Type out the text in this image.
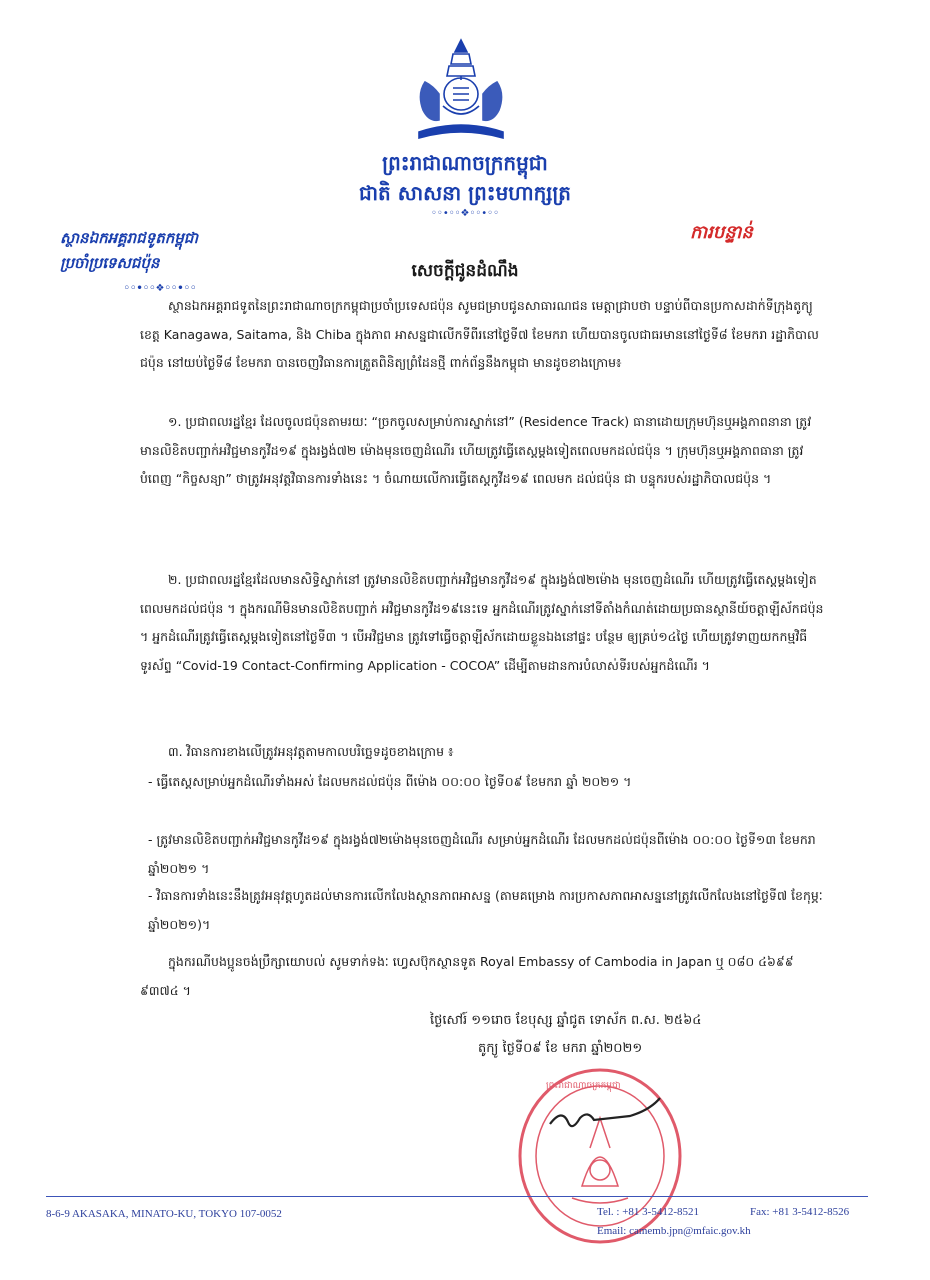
ព្រះរាជាណាចក្រកម្ពុជា
ជាតិ សាសនា ព្រះមហាក្សត្រ
◦◦•◦◦❖◦◦•◦◦
ស្ថានឯកអគ្គរាជទូតកម្ពុជា
ប្រចាំប្រទេសជប៉ុន
◦◦•◦◦❖◦◦•◦◦
ការបន្ទាន់
សេចក្តីជូនដំណឹង
ស្ថានឯកអគ្គរាជទូតនៃព្រះរាជាណាចក្រកម្ពុជាប្រចាំប្រទេសជប៉ុន សូមជម្រាបជូនសាធារណជន មេត្តាជ្រាបថា បន្ទាប់ពីបានប្រកាសដាក់ទីក្រុងតូក្យូ ខេត្ត Kanagawa, Saitama, និង Chiba ក្នុងភាព អាសន្នជាលើកទីពីរនៅថ្ងៃទី៧ ខែមករា ហើយបានចូលជាធរមាននៅថ្ងៃទី៨ ខែមករា រដ្ឋាភិបាលជប៉ុន នៅយប់ថ្ងៃទី៨ ខែមករា បានចេញវិធានការត្រួតពិនិត្យព្រំដែនថ្មី ពាក់ព័ន្ធនឹងកម្ពុជា មានដូចខាងក្រោម៖
១. ប្រជាពលរដ្ឋខ្មែរ ដែលចូលជប៉ុនតាមរយៈ “ច្រកចូលសម្រាប់ការស្នាក់នៅ” (Residence Track) ធានាដោយក្រុមហ៊ុនឬអង្គភាពនានា ត្រូវមានលិខិតបញ្ជាក់អវិជ្ជមានកូវីដ១៩ ក្នុងរង្វង់៧២ ម៉ោងមុនចេញដំណើរ ហើយត្រូវធ្វើតេស្តម្តងទៀតពេលមកដល់ជប៉ុន ។ ក្រុមហ៊ុនឬអង្គភាពធានា ត្រូវបំពេញ “កិច្ចសន្យា” ថាត្រូវអនុវត្តវិធានការទាំងនេះ ។ ចំណាយលើការធ្វើតេស្តកូវីដ១៩ ពេលមក ដល់ជប៉ុន ជា បន្ទុករបស់រដ្ឋាភិបាលជប៉ុន ។
២. ប្រជាពលរដ្ឋខ្មែរដែលមានសិទ្ធិស្នាក់នៅ ត្រូវមានលិខិតបញ្ជាក់អវិជ្ជមានកូវីដ១៩ ក្នុងរង្វង់៧២ម៉ោង មុនចេញដំណើរ ហើយត្រូវធ្វើតេស្តម្តងទៀតពេលមកដល់ជប៉ុន ។ ក្នុងករណីមិនមានលិខិតបញ្ជាក់ អវិជ្ជមានកូវីដ១៩នេះទេ អ្នកដំណើរត្រូវស្នាក់នៅទីតាំងកំណត់ដោយប្រធានស្ថានីយ៍ចត្តាឡីស័កជប៉ុន ។ អ្នកដំណើរត្រូវធ្វើតេស្តម្តងទៀតនៅថ្ងៃទី៣ ។ បើអវិជ្ជមាន ត្រូវទៅធ្វើចត្តាឡីស័កដោយខ្លួនឯងនៅផ្ទះ បន្ថែម ឲ្យគ្រប់១៤ថ្ងៃ ហើយត្រូវទាញយកកម្មវិធីទូរស័ព្ទ “Covid-19 Contact-Confirming Application - COCOA” ដើម្បីតាមដានការបំលាស់ទីរបស់អ្នកដំណើរ ។
៣. វិធានការខាងលើត្រូវអនុវត្តតាមកាលបរិច្ឆេទដូចខាងក្រោម ៖
- ធ្វើតេស្តសម្រាប់អ្នកដំណើរទាំងអស់ ដែលមកដល់ជប៉ុន ពីម៉ោង ០០:០០ ថ្ងៃទី០៩ ខែមករា ឆ្នាំ ២០២១ ។
- ត្រូវមានលិខិតបញ្ជាក់អវិជ្ជមានកូវីដ១៩ ក្នុងរង្វង់៧២ម៉ោងមុនចេញដំណើរ សម្រាប់អ្នកដំណើរ ដែលមកដល់ជប៉ុនពីម៉ោង ០០:០០ ថ្ងៃទី១៣ ខែមករា ឆ្នាំ២០២១ ។
- វិធានការទាំងនេះនឹងត្រូវអនុវត្តហូតដល់មានការលើកលែងស្ថានភាពអាសន្ន (តាមគម្រោង ការប្រកាសភាពអាសន្ននៅត្រូវលើកលែងនៅថ្ងៃទី៧ ខែកុម្ភៈ ឆ្នាំ២០២១)។
ក្នុងករណីបងប្អូនចង់ប្រឹក្សាយោបល់ សូមទាក់ទងៈ ហ្វេសប៊ុកស្ថានទូត Royal Embassy of Cambodia in Japan ឬ ០៨០ ៤៦៩៩ ៩៣៧៤ ។
ថ្ងៃសៅរ៍ ១១រោច ខែបុស្ស ឆ្នាំជូត ទោស័ក ព.ស. ២៥៦៤
តូក្យូ ថ្ងៃទី០៩ ខែ មករា ឆ្នាំ២០២១
ព្រះរាជាណាចក្រកម្ពុជា
8-6-9 AKASAKA, MINATO-KU, TOKYO 107-0052	Tel. : +81 3-5412-8521	Fax: +81 3-5412-8526
Email: camemb.jpn@mfaic.gov.kh
